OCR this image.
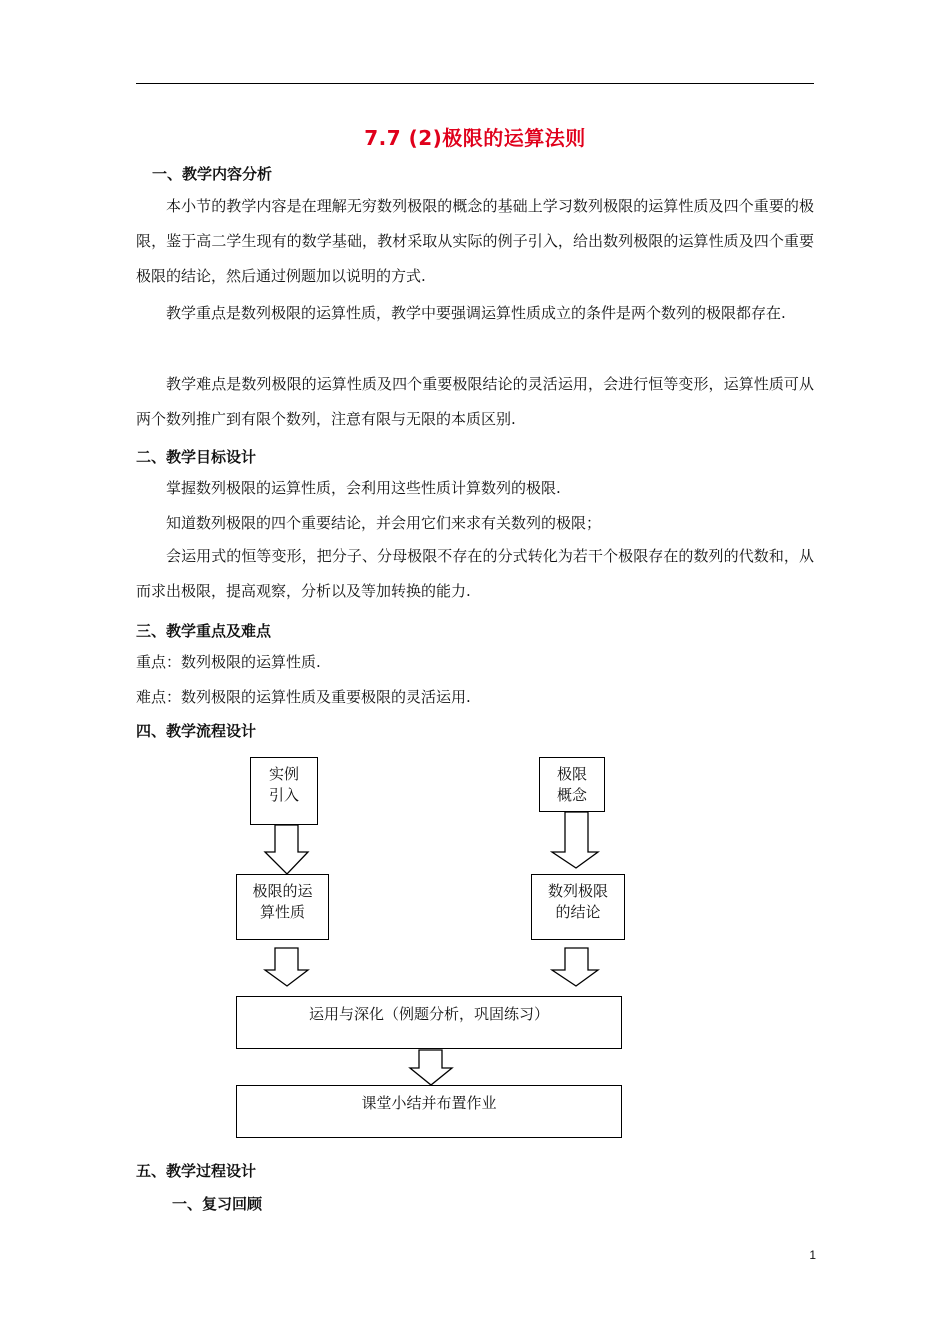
7.7 (2)极限的运算法则
一、教学内容分析
本小节的教学内容是在理解无穷数列极限的概念的基础上学习数列极限的运算性质及四个重要的极限，鉴于高二学生现有的数学基础，教材采取从实际的例子引入，给出数列极限的运算性质及四个重要极限的结论，然后通过例题加以说明的方式.
教学重点是数列极限的运算性质，教学中要强调运算性质成立的条件是两个数列的极限都存在.
教学难点是数列极限的运算性质及四个重要极限结论的灵活运用，会进行恒等变形，运算性质可从两个数列推广到有限个数列，注意有限与无限的本质区别.
二、教学目标设计
掌握数列极限的运算性质，会利用这些性质计算数列的极限.
知道数列极限的四个重要结论，并会用它们来求有关数列的极限；
会运用式的恒等变形，把分子、分母极限不存在的分式转化为若干个极限存在的数列的代数和，从而求出极限，提高观察，分析以及等加转换的能力.
三、教学重点及难点
重点：数列极限的运算性质.
难点：数列极限的运算性质及重要极限的灵活运用.
四、教学流程设计
实例
引入
极限
概念
极限的运
算性质
数列极限
的结论
运用与深化（例题分析，巩固练习）
课堂小结并布置作业
五、教学过程设计
一、复习回顾
1
